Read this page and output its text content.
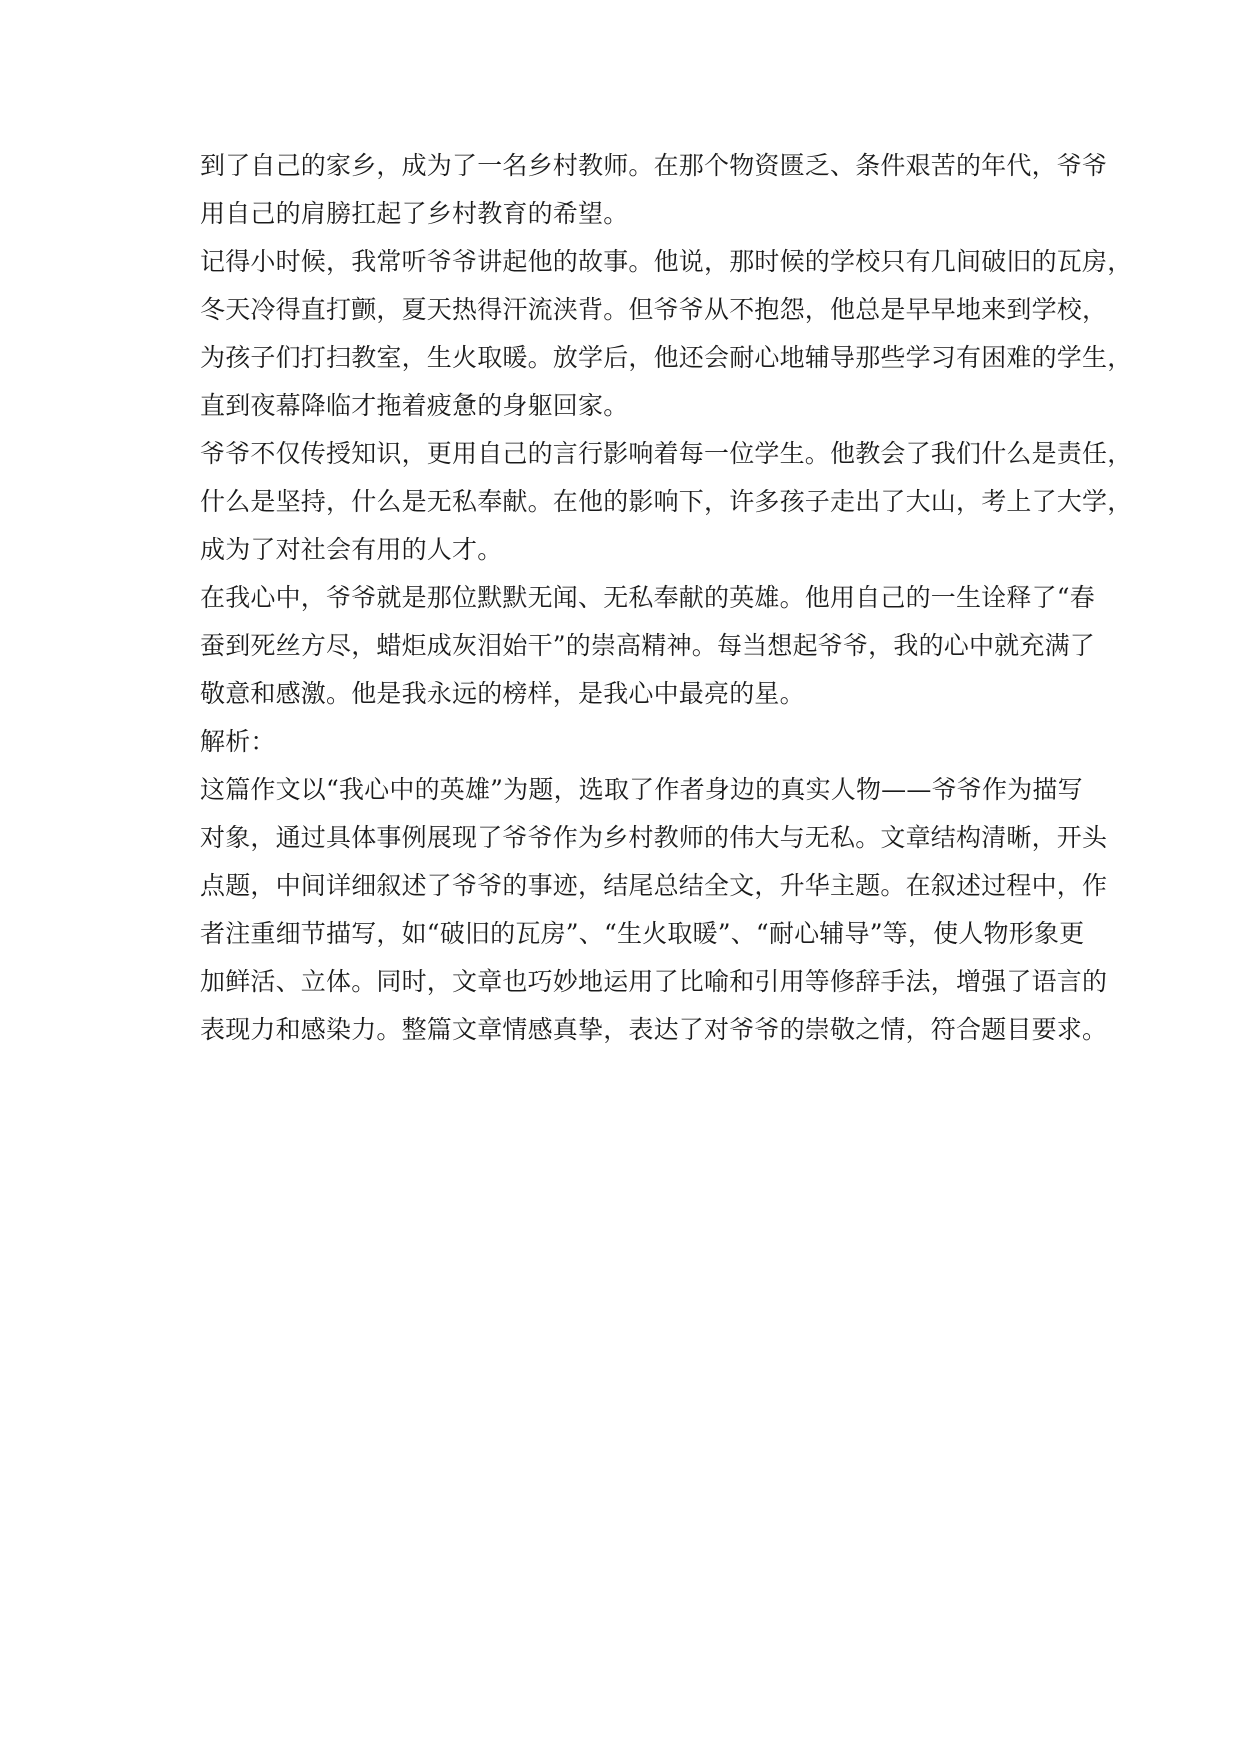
到了自己的家乡，成为了一名乡村教师。在那个物资匮乏、条件艰苦的年代，爷爷
用自己的肩膀扛起了乡村教育的希望。

记得小时候，我常听爷爷讲起他的故事。他说，那时候的学校只有几间破旧的瓦房，
冬天冷得直打颤，夏天热得汗流浃背。但爷爷从不抱怨，他总是早早地来到学校，
为孩子们打扫教室，生火取暖。放学后，他还会耐心地辅导那些学习有困难的学生，
直到夜幕降临才拖着疲惫的身躯回家。

爷爷不仅传授知识，更用自己的言行影响着每一位学生。他教会了我们什么是责任，
什么是坚持，什么是无私奉献。在他的影响下，许多孩子走出了大山，考上了大学，
成为了对社会有用的人才。

在我心中，爷爷就是那位默默无闻、无私奉献的英雄。他用自己的一生诠释了“春
蚕到死丝方尽，蜡炬成灰泪始干”的崇高精神。每当想起爷爷，我的心中就充满了
敬意和感激。他是我永远的榜样，是我心中最亮的星。

解析：

这篇作文以“我心中的英雄”为题，选取了作者身边的真实人物——爷爷作为描写
对象，通过具体事例展现了爷爷作为乡村教师的伟大与无私。文章结构清晰，开头
点题，中间详细叙述了爷爷的事迹，结尾总结全文，升华主题。在叙述过程中，作
者注重细节描写，如“破旧的瓦房”、“生火取暖”、“耐心辅导”等，使人物形象更
加鲜活、立体。同时，文章也巧妙地运用了比喻和引用等修辞手法，增强了语言的
表现力和感染力。整篇文章情感真挚，表达了对爷爷的崇敬之情，符合题目要求。
